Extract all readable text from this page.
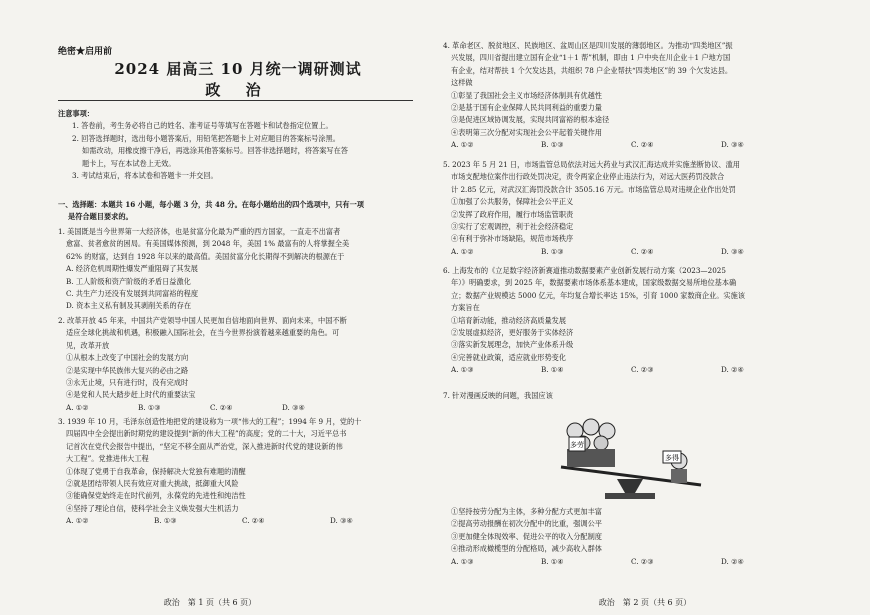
绝密★启用前
2024 届高三 10 月统一调研测试
政 治

注意事项：

1. 答卷前，考生务必将自己的姓名、准考证号等填写在答题卡和试卷指定位置上。

2. 回答选择题时，选出每小题答案后，用铅笔把答题卡上对应题目的答案标号涂黑。

如需改动，用橡皮擦干净后，再选涂其他答案标号。回答非选择题时，将答案写在答

题卡上，写在本试卷上无效。

3. 考试结束后，将本试卷和答题卡一并交回。

一、选择题：本题共 16 小题，每小题 3 分，共 48 分。在每小题给出的四个选项中，只有一项

是符合题目要求的。

1. 美国既是当今世界第一大经济体，也是贫富分化最为严重的西方国家，一直走不出富者

愈富、贫者愈贫的困局。有美国媒体预测，到 2048 年，美国 1% 最富有的人将掌握全美

62% 的财富，达到自 1928 年以来的最高值。美国贫富分化长期得不到解决的根源在于

A. 经济危机周期性爆发严重阻碍了其发展

B. 工人阶级和资产阶级的矛盾日益激化

C. 共生产力还没有发展到共同富裕的程度

D. 资本主义私有制及其剥削关系的存在

2. 改革开放 45 年来，中国共产党领导中国人民更加自信地面向世界、面向未来，中国不断

适应全球化挑战和机遇，积极融入国际社会，在当今世界扮演着越来越重要的角色。可

见，改革开放

①从根本上改变了中国社会的发展方向

②是实现中华民族伟大复兴的必由之路

③永无止境，只有进行时，没有完成时

④是党和人民大踏步赶上时代的重要法宝

A. ①②	B. ①③	C. ②④	D. ③④

3. 1939 年 10 月，毛泽东创造性地把党的建设称为一项“伟大的工程”；1994 年 9 月，党的十

四届四中全会提出新时期党的建设提到“新的伟大工程”的高度；党的二十大，习近平总书

记首次在党代会报告中提出，“坚定不移全面从严治党，深入推进新时代党的建设新的伟

大工程”。党推进伟大工程

①体现了党勇于自我革命，保持解决大党独有难题的清醒

②就是团结带领人民有效应对重大挑战，抵御重大风险

③能确保党始终走在时代前列，永葆党的先进性和纯洁性

④坚持了理论自信，使科学社会主义焕发强大生机活力

A. ①②	B. ①③	C. ②④	D. ③④
政治　第 1 页（共 6 页）

4. 革命老区、脱贫地区、民族地区、盆周山区是四川发展的薄弱地区。为推动“四类地区”振

兴发展，四川省提出建立国有企业“1＋1 帮”机制，即由 1 户中央在川企业＋1 户地方国

有企业，结对帮扶 1 个欠发达县，共组织 78 户企业帮扶“四类地区”的 39 个欠发达县。

这样做

①彰显了我国社会主义市场经济体制具有优越性

②是基于国有企业保障人民共同利益的重要力量

③是促进区域协调发展，实现共同富裕的根本途径

④表明第三次分配对实现社会公平起着关键作用

A. ①②	B. ①③	C. ②④	D. ③④

5. 2023 年 5 月 21 日，市场监管总局依法对远大药业与武汉汇海达成并实施垄断协议、滥用

市场支配地位案作出行政处罚决定，责令两家企业停止违法行为，对远大医药罚没款合

计 2.85 亿元，对武汉汇海罚没款合计 3505.16 万元。市场监管总局对违规企业作出处罚

①加强了公共服务，保障社会公平正义

②发挥了政府作用，履行市场监管职责

③实行了宏观调控，利于社会经济稳定

④有利于弥补市场缺陷，规范市场秩序

A. ①②	B. ①③	C. ②④	D. ③④

6. 上海发布的《立足数字经济新赛道推动数据要素产业创新发展行动方案（2023—2025

年）》明确要求，到 2025 年，数据要素市场体系基本建成，国家级数据交易所地位基本确

立；数据产业规模达 5000 亿元，年均复合增长率达 15%，引育 1000 家数商企业。实施该

方案旨在

①培育新动能，推动经济高质量发展

②发展虚拟经济，更好服务于实体经济

③落实新发展理念，加快产业体系升级

④完善就业政策，适应就业形势变化

A. ①③	B. ①④	C. ②③	D. ②④

7. 针对漫画反映的问题，我国应该

多劳
多得

①坚持按劳分配为主体，多种分配方式更加丰富

②提高劳动报酬在初次分配中的比重，强调公平

③更加健全体现效率、促进公平的收入分配制度

④推动形成橄榄型的分配格局，减少高收入群体

A. ①③	B. ①④	C. ②③	D. ②④
政治　第 2 页（共 6 页）
